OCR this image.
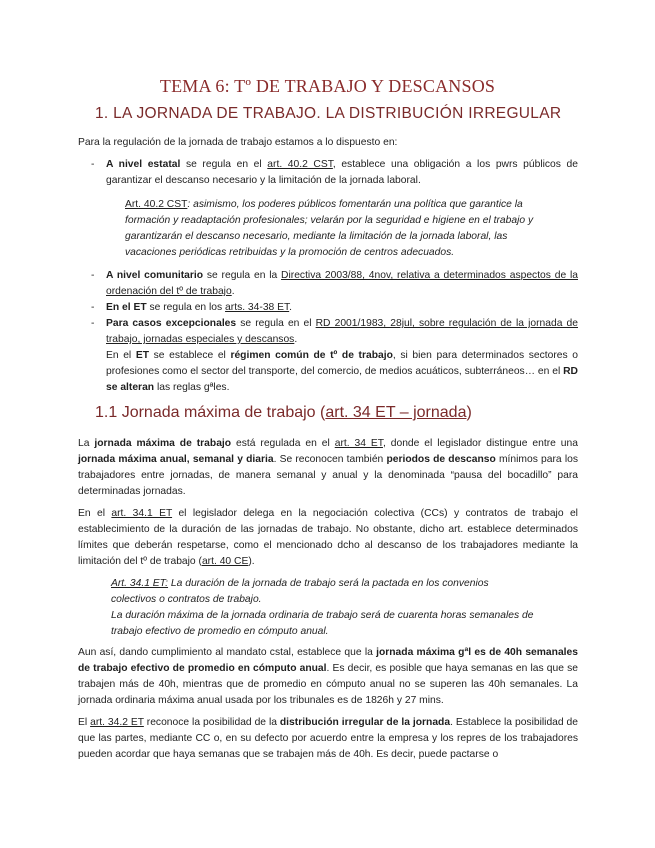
TEMA 6: Tº DE TRABAJO Y DESCANSOS
1. LA JORNADA DE TRABAJO. LA DISTRIBUCIÓN IRREGULAR

Para la regulación de la jornada de trabajo estamos a lo dispuesto en:

- A nivel estatal se regula en el art. 40.2 CST, establece una obligación a los pwrs públicos de garantizar el descanso necesario y la limitación de la jornada laboral.

Art. 40.2 CST: asimismo, los poderes públicos fomentarán una política que garantice la formación y readaptación profesionales; velarán por la seguridad e higiene en el trabajo y garantizarán el descanso necesario, mediante la limitación de la jornada laboral, las vacaciones periódicas retribuidas y la promoción de centros adecuados.

- A nivel comunitario se regula en la Directiva 2003/88, 4nov, relativa a determinados aspectos de la ordenación del tº de trabajo.

- En el ET se regula en los arts. 34-38 ET.

- Para casos excepcionales se regula en el RD 2001/1983, 28jul, sobre regulación de la jornada de trabajo, jornadas especiales y descansos.

En el ET se establece el régimen común de tº de trabajo, si bien para determinados sectores o profesiones como el sector del transporte, del comercio, de medios acuáticos, subterráneos… en el RD se alteran las reglas gªles.

1.1 Jornada máxima de trabajo (art. 34 ET – jornada)

La jornada máxima de trabajo está regulada en el art. 34 ET, donde el legislador distingue entre una jornada máxima anual, semanal y diaria. Se reconocen también periodos de descanso mínimos para los trabajadores entre jornadas, de manera semanal y anual y la denominada “pausa del bocadillo” para determinadas jornadas.

En el art. 34.1 ET el legislador delega en la negociación colectiva (CCs) y contratos de trabajo el establecimiento de la duración de las jornadas de trabajo. No obstante, dicho art. establece determinados límites que deberán respetarse, como el mencionado dcho al descanso de los trabajadores mediante la limitación del tº de trabajo (art. 40 CE).

Art. 34.1 ET: La duración de la jornada de trabajo será la pactada en los convenios colectivos o contratos de trabajo.
La duración máxima de la jornada ordinaria de trabajo será de cuarenta horas semanales de trabajo efectivo de promedio en cómputo anual.

Aun así, dando cumplimiento al mandato cstal, establece que la jornada máxima gªl es de 40h semanales de trabajo efectivo de promedio en cómputo anual. Es decir, es posible que haya semanas en las que se trabajen más de 40h, mientras que de promedio en cómputo anual no se superen las 40h semanales. La jornada ordinaria máxima anual usada por los tribunales es de 1826h y 27 mins.

El art. 34.2 ET reconoce la posibilidad de la distribución irregular de la jornada. Establece la posibilidad de que las partes, mediante CC o, en su defecto por acuerdo entre la empresa y los repres de los trabajadores pueden acordar que haya semanas que se trabajen más de 40h. Es decir, puede pactarse o
